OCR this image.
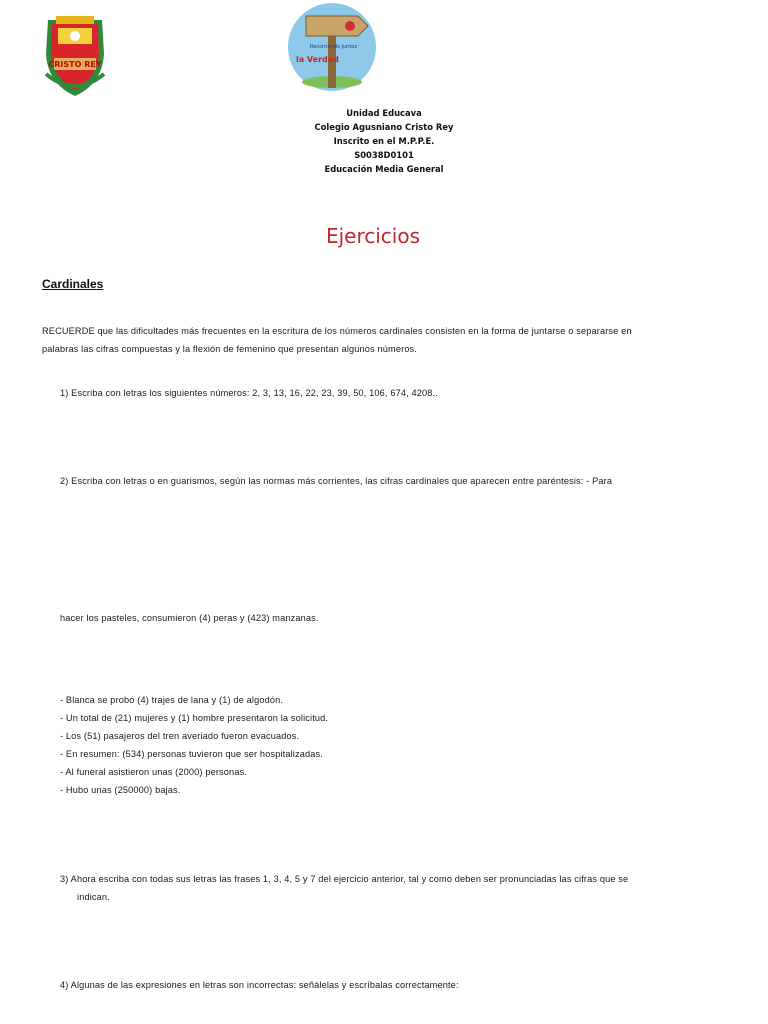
CRISTO REY
Recorriendo juntos
la Verdad
Unidad Educava
Colegio Agusniano Cristo Rey
Inscrito en el M.P.P.E.
S0038D0101
Educación Media General
Ejercicios
Cardinales
RECUERDE que las dificultades más frecuentes en la escritura de los números cardinales consisten en la forma de juntarse o separarse en
palabras las cifras compuestas y la flexión de femenino que presentan algunos números.
1) Escriba con letras los siguientes números: 2, 3, 13, 16, 22, 23, 39, 50, 106, 674, 4208..
2) Escriba con letras o en guarismos, según las normas más corrientes, las cifras cardinales que aparecen entre paréntesis: - Para
hacer los pasteles, consumieron (4) peras y (423) manzanas.
- Blanca se probó (4) trajes de lana y (1) de algodón.
- Un total de (21) mujeres y (1) hombre presentaron la solicitud.
- Los (51) pasajeros del tren averiado fueron evacuados.
- En resumen: (534) personas tuvieron que ser hospitalizadas.
- Al funeral asistieron unas (2000) personas.
- Hubo unas (250000) bajas.
3) Ahora escriba con todas sus letras las frases 1, 3, 4, 5 y 7 del ejercicio anterior, tal y como deben ser pronunciadas las cifras que se
indican.
4) Algunas de las expresiones en letras son incorrectas: señálelas y escríbalas correctamente:
